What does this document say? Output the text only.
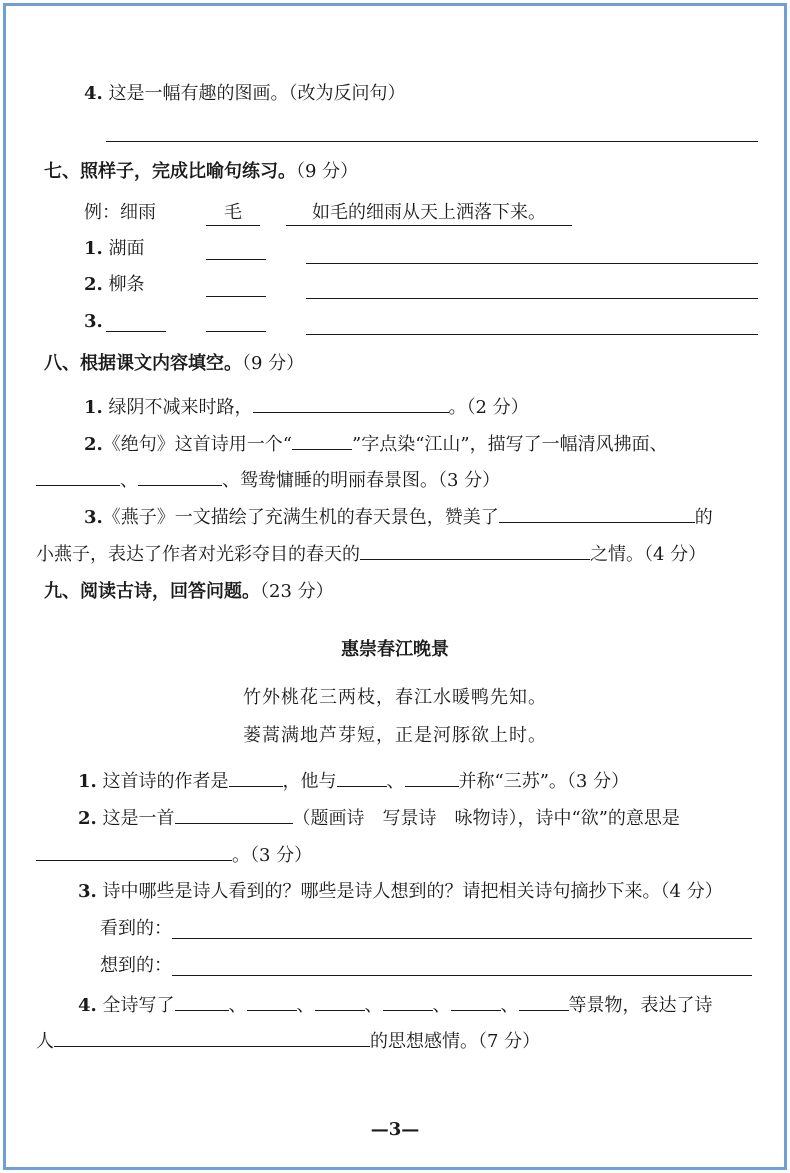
4. 这是一幅有趣的图画。（改为反问句）
七、照样子，完成比喻句练习。（9 分）
例：细雨	毛	如毛的细雨从天上洒落下来。
1. 湖面
2. 柳条
3.
八、根据课文内容填空。（9 分）
1. 绿阴不减来时路，	。（2 分）
2.《绝句》这首诗用一个“	”字点染“江山”，描写了一幅清风拂面、
、	、鸳鸯慵睡的明丽春景图。（3 分）
3.《燕子》一文描绘了充满生机的春天景色，赞美了	的
小燕子，表达了作者对光彩夺目的春天的	之情。（4 分）
九、阅读古诗，回答问题。（23 分）
惠崇春江晚景
竹外桃花三两枝，春江水暖鸭先知。
蒌蒿满地芦芽短，正是河豚欲上时。
1. 这首诗的作者是	，他与	、	并称“三苏”。（3 分）
2. 这是一首	（题画诗　写景诗　咏物诗），诗中“欲”的意思是
。（3 分）
3. 诗中哪些是诗人看到的？哪些是诗人想到的？请把相关诗句摘抄下来。（4 分）
看到的：
想到的：
4. 全诗写了	、	、	、	、	、	等景物，表达了诗
人	的思想感情。（7 分）
—3—
